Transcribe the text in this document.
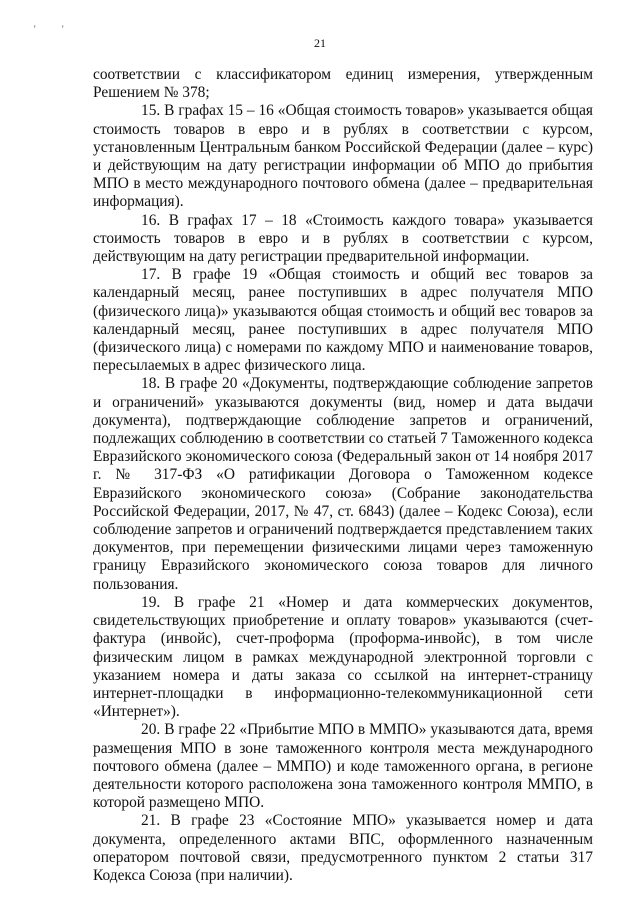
'	'
21

соответствии с классификатором единиц измерения, утвержденным Решением № 378;

15. В графах 15 – 16 «Общая стоимость товаров» указывается общая стоимость товаров в евро и в рублях в соответствии с курсом, установленным Центральным банком Российской Федерации (далее – курс) и действующим на дату регистрации информации об МПО до прибытия МПО в место международного почтового обмена (далее – предварительная информация).

16. В графах 17 – 18 «Стоимость каждого товара» указывается стоимость товаров в евро и в рублях в соответствии с курсом, действующим на дату регистрации предварительной информации.

17. В графе 19 «Общая стоимость и общий вес товаров за календарный месяц, ранее поступивших в адрес получателя МПО (физического лица)» указываются общая стоимость и общий вес товаров за календарный месяц, ранее поступивших в адрес получателя МПО (физического лица) с номерами по каждому МПО и наименование товаров, пересылаемых в адрес физического лица.

18. В графе 20 «Документы, подтверждающие соблюдение запретов и ограничений» указываются документы (вид, номер и дата выдачи документа), подтверждающие соблюдение запретов и ограничений, подлежащих соблюдению в соответствии со статьей 7 Таможенного кодекса Евразийского экономического союза (Федеральный закон от 14 ноября 2017 г. № 317-ФЗ «О ратификации Договора о Таможенном кодексе Евразийского экономического союза» (Собрание законодательства Российской Федерации, 2017, № 47, ст. 6843) (далее – Кодекс Союза), если соблюдение запретов и ограничений подтверждается представлением таких документов, при перемещении физическими лицами через таможенную границу Евразийского экономического союза товаров для личного пользования.

19. В графе 21 «Номер и дата коммерческих документов, свидетельствующих приобретение и оплату товаров» указываются (счет-фактура (инвойс), счет-проформа (проформа-инвойс), в том числе физическим лицом в рамках международной электронной торговли с указанием номера и даты заказа со ссылкой на интернет-страницу интернет-площадки в информационно-телекоммуникационной сети «Интернет»).

20. В графе 22 «Прибытие МПО в ММПО» указываются дата, время размещения МПО в зоне таможенного контроля места международного почтового обмена (далее – ММПО) и коде таможенного органа, в регионе деятельности которого расположена зона таможенного контроля ММПО, в которой размещено МПО.

21. В графе 23 «Состояние МПО» указывается номер и дата документа, определенного актами ВПС, оформленного назначенным оператором почтовой связи, предусмотренного пунктом 2 статьи 317 Кодекса Союза (при наличии).
